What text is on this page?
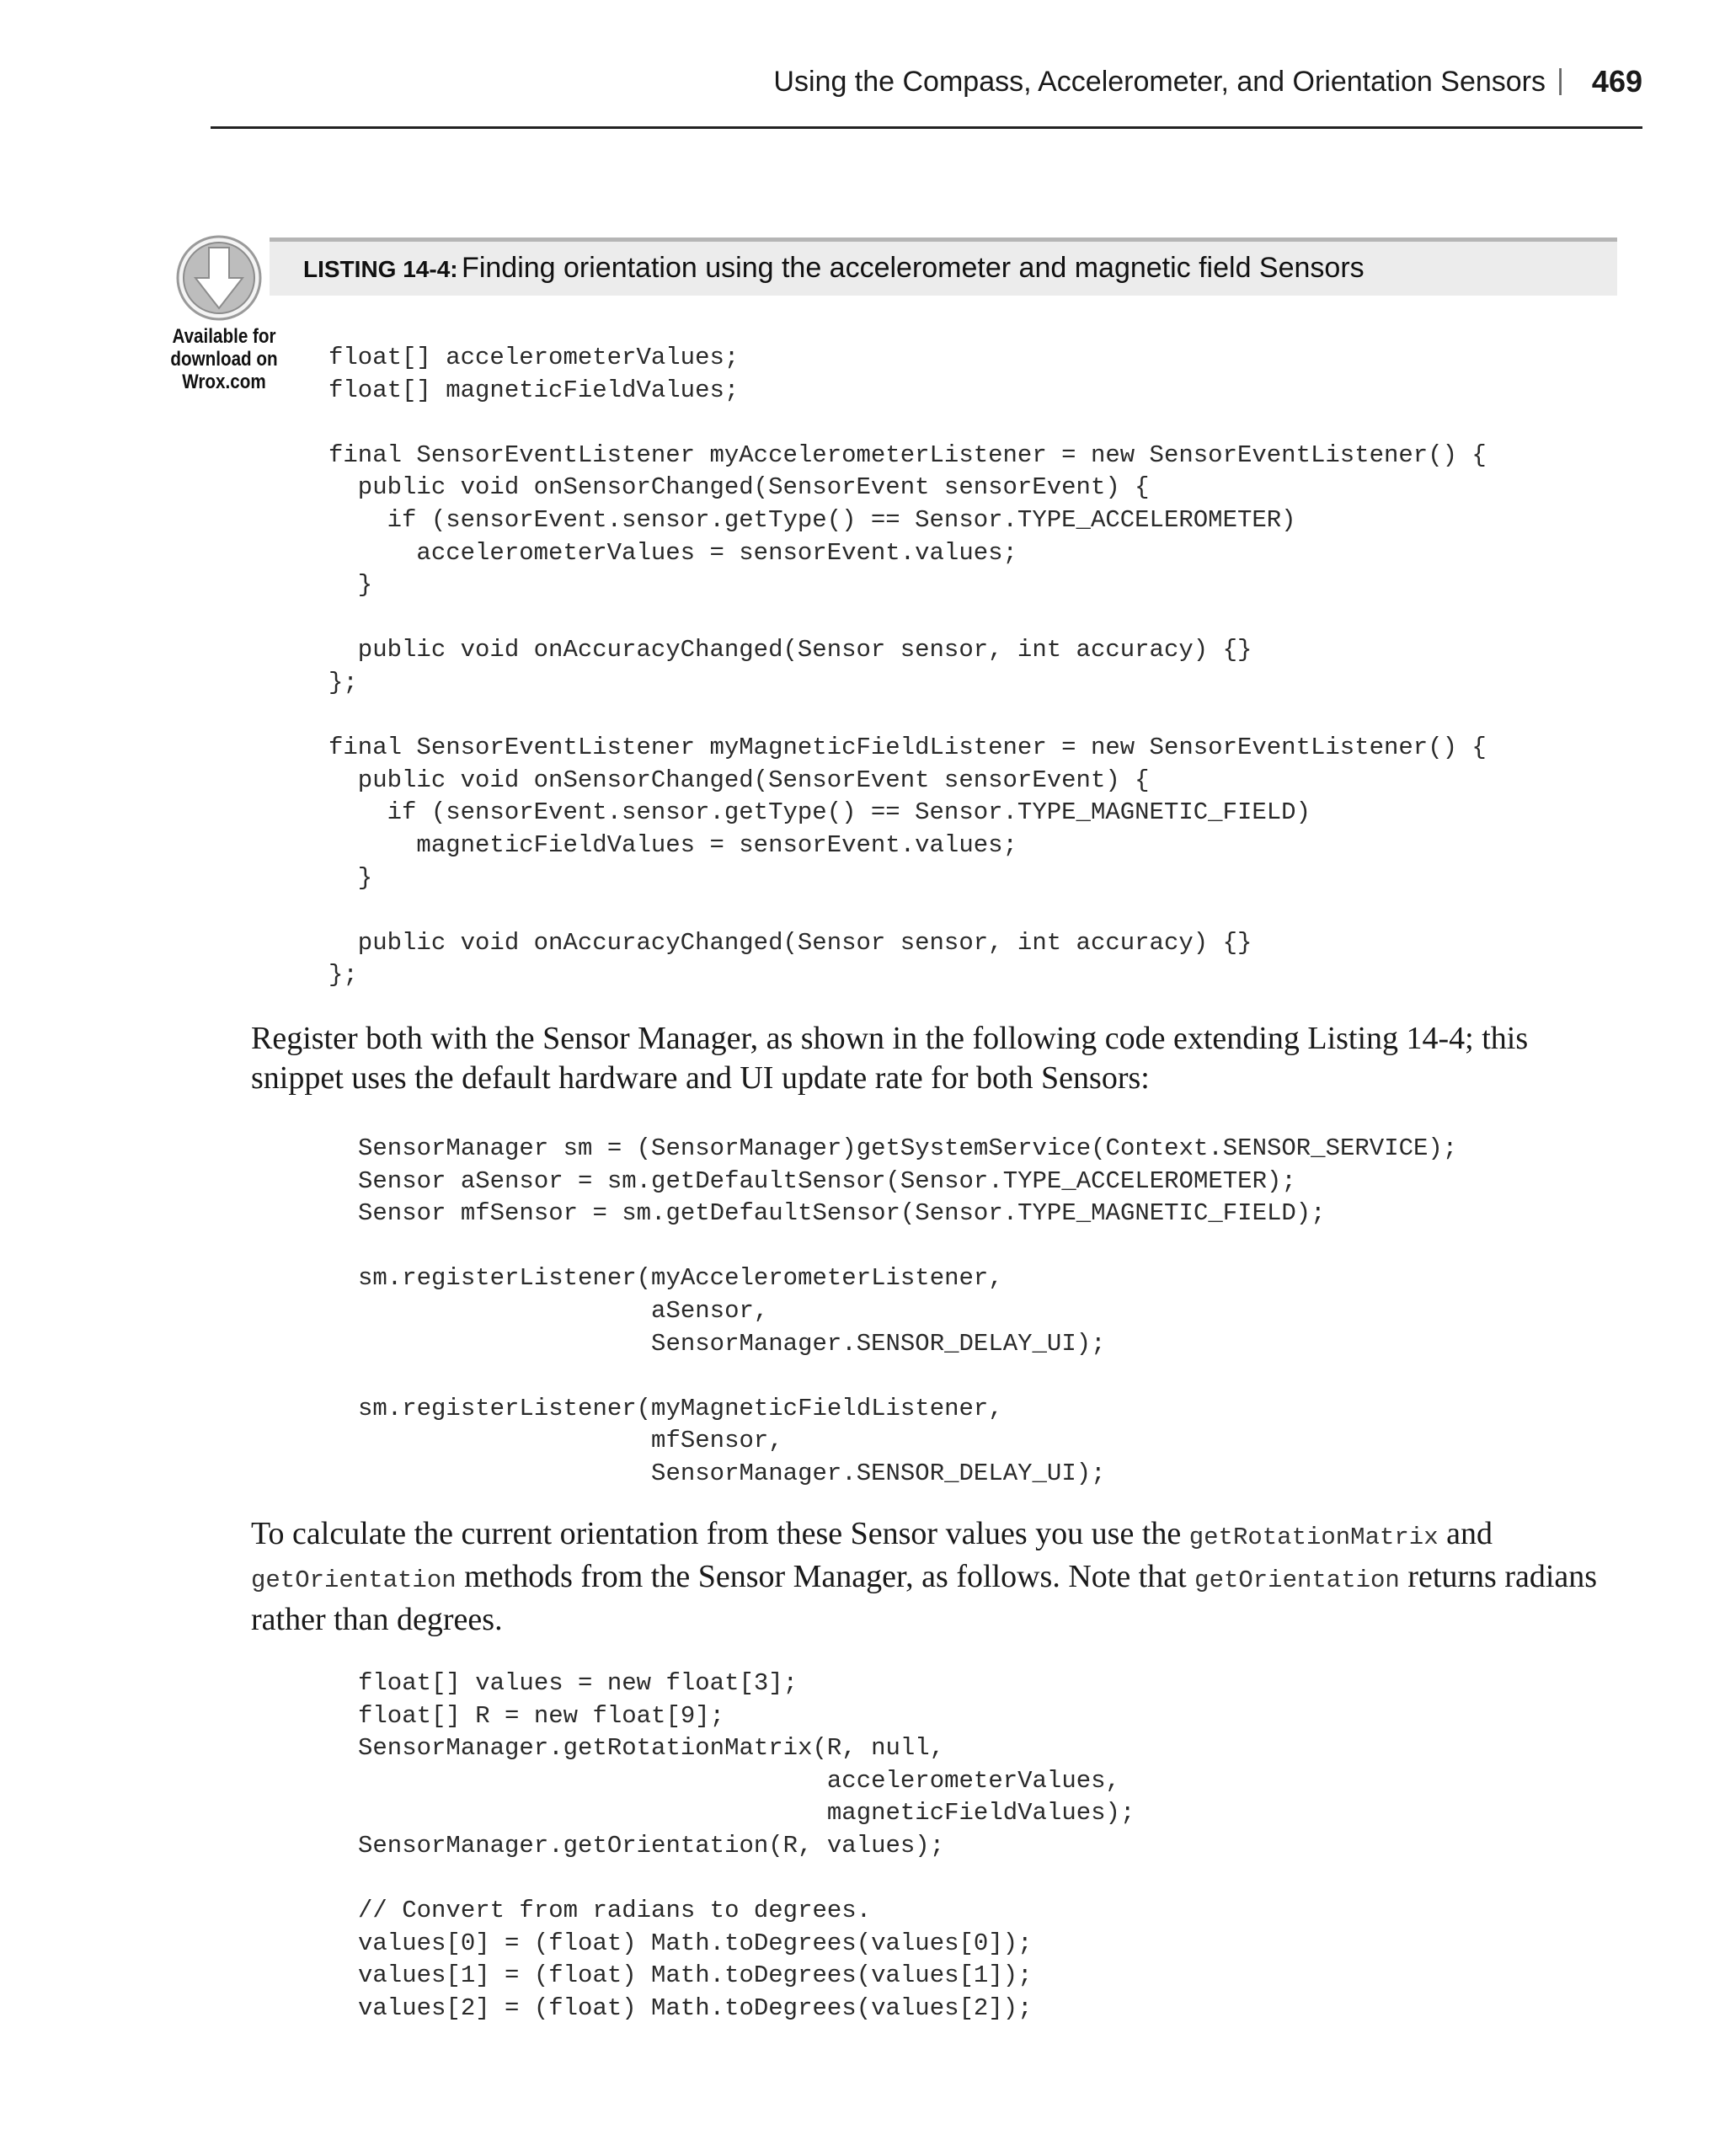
Using the Compass, Accelerometer, and Orientation Sensors | 469
Available for
download on
Wrox.com
LISTING 14-4: Finding orientation using the accelerometer and magnetic field Sensors
float[] accelerometerValues;
float[] magneticFieldValues;

final SensorEventListener myAccelerometerListener = new SensorEventListener() {
public void onSensorChanged(SensorEvent sensorEvent) {
if (sensorEvent.sensor.getType() == Sensor.TYPE_ACCELEROMETER)
accelerometerValues = sensorEvent.values;
}

public void onAccuracyChanged(Sensor sensor, int accuracy) {}
};

final SensorEventListener myMagneticFieldListener = new SensorEventListener() {
public void onSensorChanged(SensorEvent sensorEvent) {
if (sensorEvent.sensor.getType() == Sensor.TYPE_MAGNETIC_FIELD)
magneticFieldValues = sensorEvent.values;
}

public void onAccuracyChanged(Sensor sensor, int accuracy) {}
};

Register both with the Sensor Manager, as shown in the following code extending Listing 14-4; this snippet uses the default hardware and UI update rate for both Sensors:

SensorManager sm = (SensorManager)getSystemService(Context.SENSOR_SERVICE);
Sensor aSensor = sm.getDefaultSensor(Sensor.TYPE_ACCELEROMETER);
Sensor mfSensor = sm.getDefaultSensor(Sensor.TYPE_MAGNETIC_FIELD);

sm.registerListener(myAccelerometerListener,
aSensor,
SensorManager.SENSOR_DELAY_UI);

sm.registerListener(myMagneticFieldListener,
mfSensor,
SensorManager.SENSOR_DELAY_UI);

To calculate the current orientation from these Sensor values you use the getRotationMatrix and getOrientation methods from the Sensor Manager, as follows. Note that getOrientation returns radians rather than degrees.

float[] values = new float[3];
float[] R = new float[9];
SensorManager.getRotationMatrix(R, null,
accelerometerValues,
magneticFieldValues);
SensorManager.getOrientation(R, values);

// Convert from radians to degrees.
values[0] = (float) Math.toDegrees(values[0]);
values[1] = (float) Math.toDegrees(values[1]);
values[2] = (float) Math.toDegrees(values[2]);
